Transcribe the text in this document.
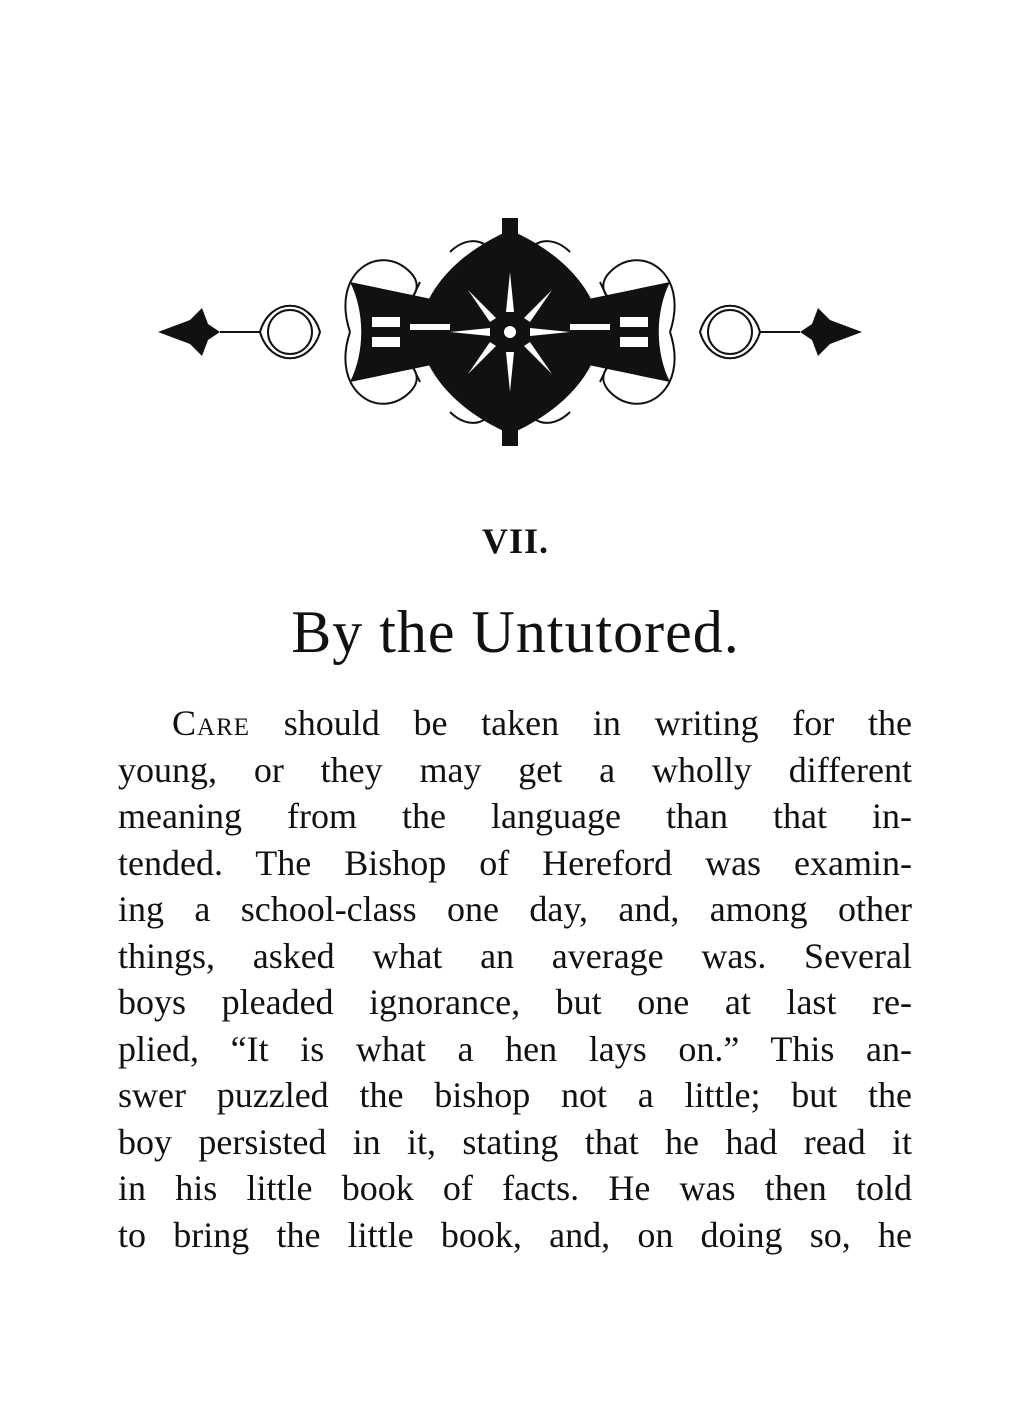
VII.
By the Untutored.
Care should be taken in writing for the
young, or they may get a wholly different
meaning from the language than that in-
tended. The Bishop of Hereford was examin-
ing a school-class one day, and, among other
things, asked what an average was. Several
boys pleaded ignorance, but one at last re-
plied, “It is what a hen lays on.” This an-
swer puzzled the bishop not a little; but the
boy persisted in it, stating that he had read it
in his little book of facts. He was then told
to bring the little book, and, on doing so, he
